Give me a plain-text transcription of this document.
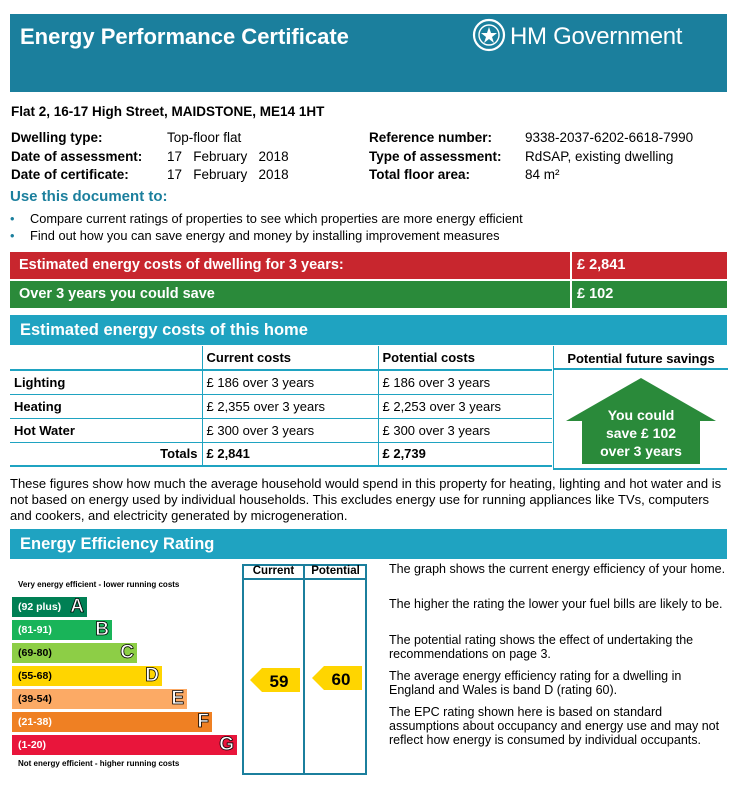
Energy Performance Certificate	HM Government
Flat 2, 16-17 High Street, MAIDSTONE, ME14 1HT
Dwelling type:	Top-floor flat
Date of assessment: 17   February   2018
Date of certificate:	17   February   2018
Reference number: 9338-2037-6202-6618-7990
Type of assessment: RdSAP, existing dwelling
Total floor area:	84 m²
Use this document to:
• Compare current ratings of properties to see which properties are more energy efficient
• Find out how you can save energy and money by installing improvement measures
Estimated energy costs of dwelling for 3 years:	£ 2,841
Over 3 years you could save	£ 102
Estimated energy costs of this home
	Current costs	Potential costs
Lighting	£ 186 over 3 years	£ 186 over 3 years
Heating	£ 2,355 over 3 years	£ 2,253 over 3 years
Hot Water	£ 300 over 3 years	£ 300 over 3 years
Totals	£ 2,841	£ 2,739
Potential future savings
You could
save £ 102
over 3 years
These figures show how much the average household would spend in this property for heating, lighting and hot water and is not based on energy used by individual households. This excludes energy use for running appliances like TVs, computers and cookers, and electricity generated by microgeneration.
Energy Efficiency Rating
Very energy efficient - lower running costs
Not energy efficient - higher running costs
(92 plus) A
(81-91) B
(69-80)	C
(55-68)	D
(39-54)	E
(21-38)	F
(1-20)	G
Current	Potential
59	60
The graph shows the current energy efficiency of your home.
The higher the rating the lower your fuel bills are likely to be.
The potential rating shows the effect of undertaking the recommendations on page 3.
The average energy efficiency rating for a dwelling in England and Wales is band D (rating 60).
The EPC rating shown here is based on standard assumptions about occupancy and energy use and may not reflect how energy is consumed by individual occupants.
